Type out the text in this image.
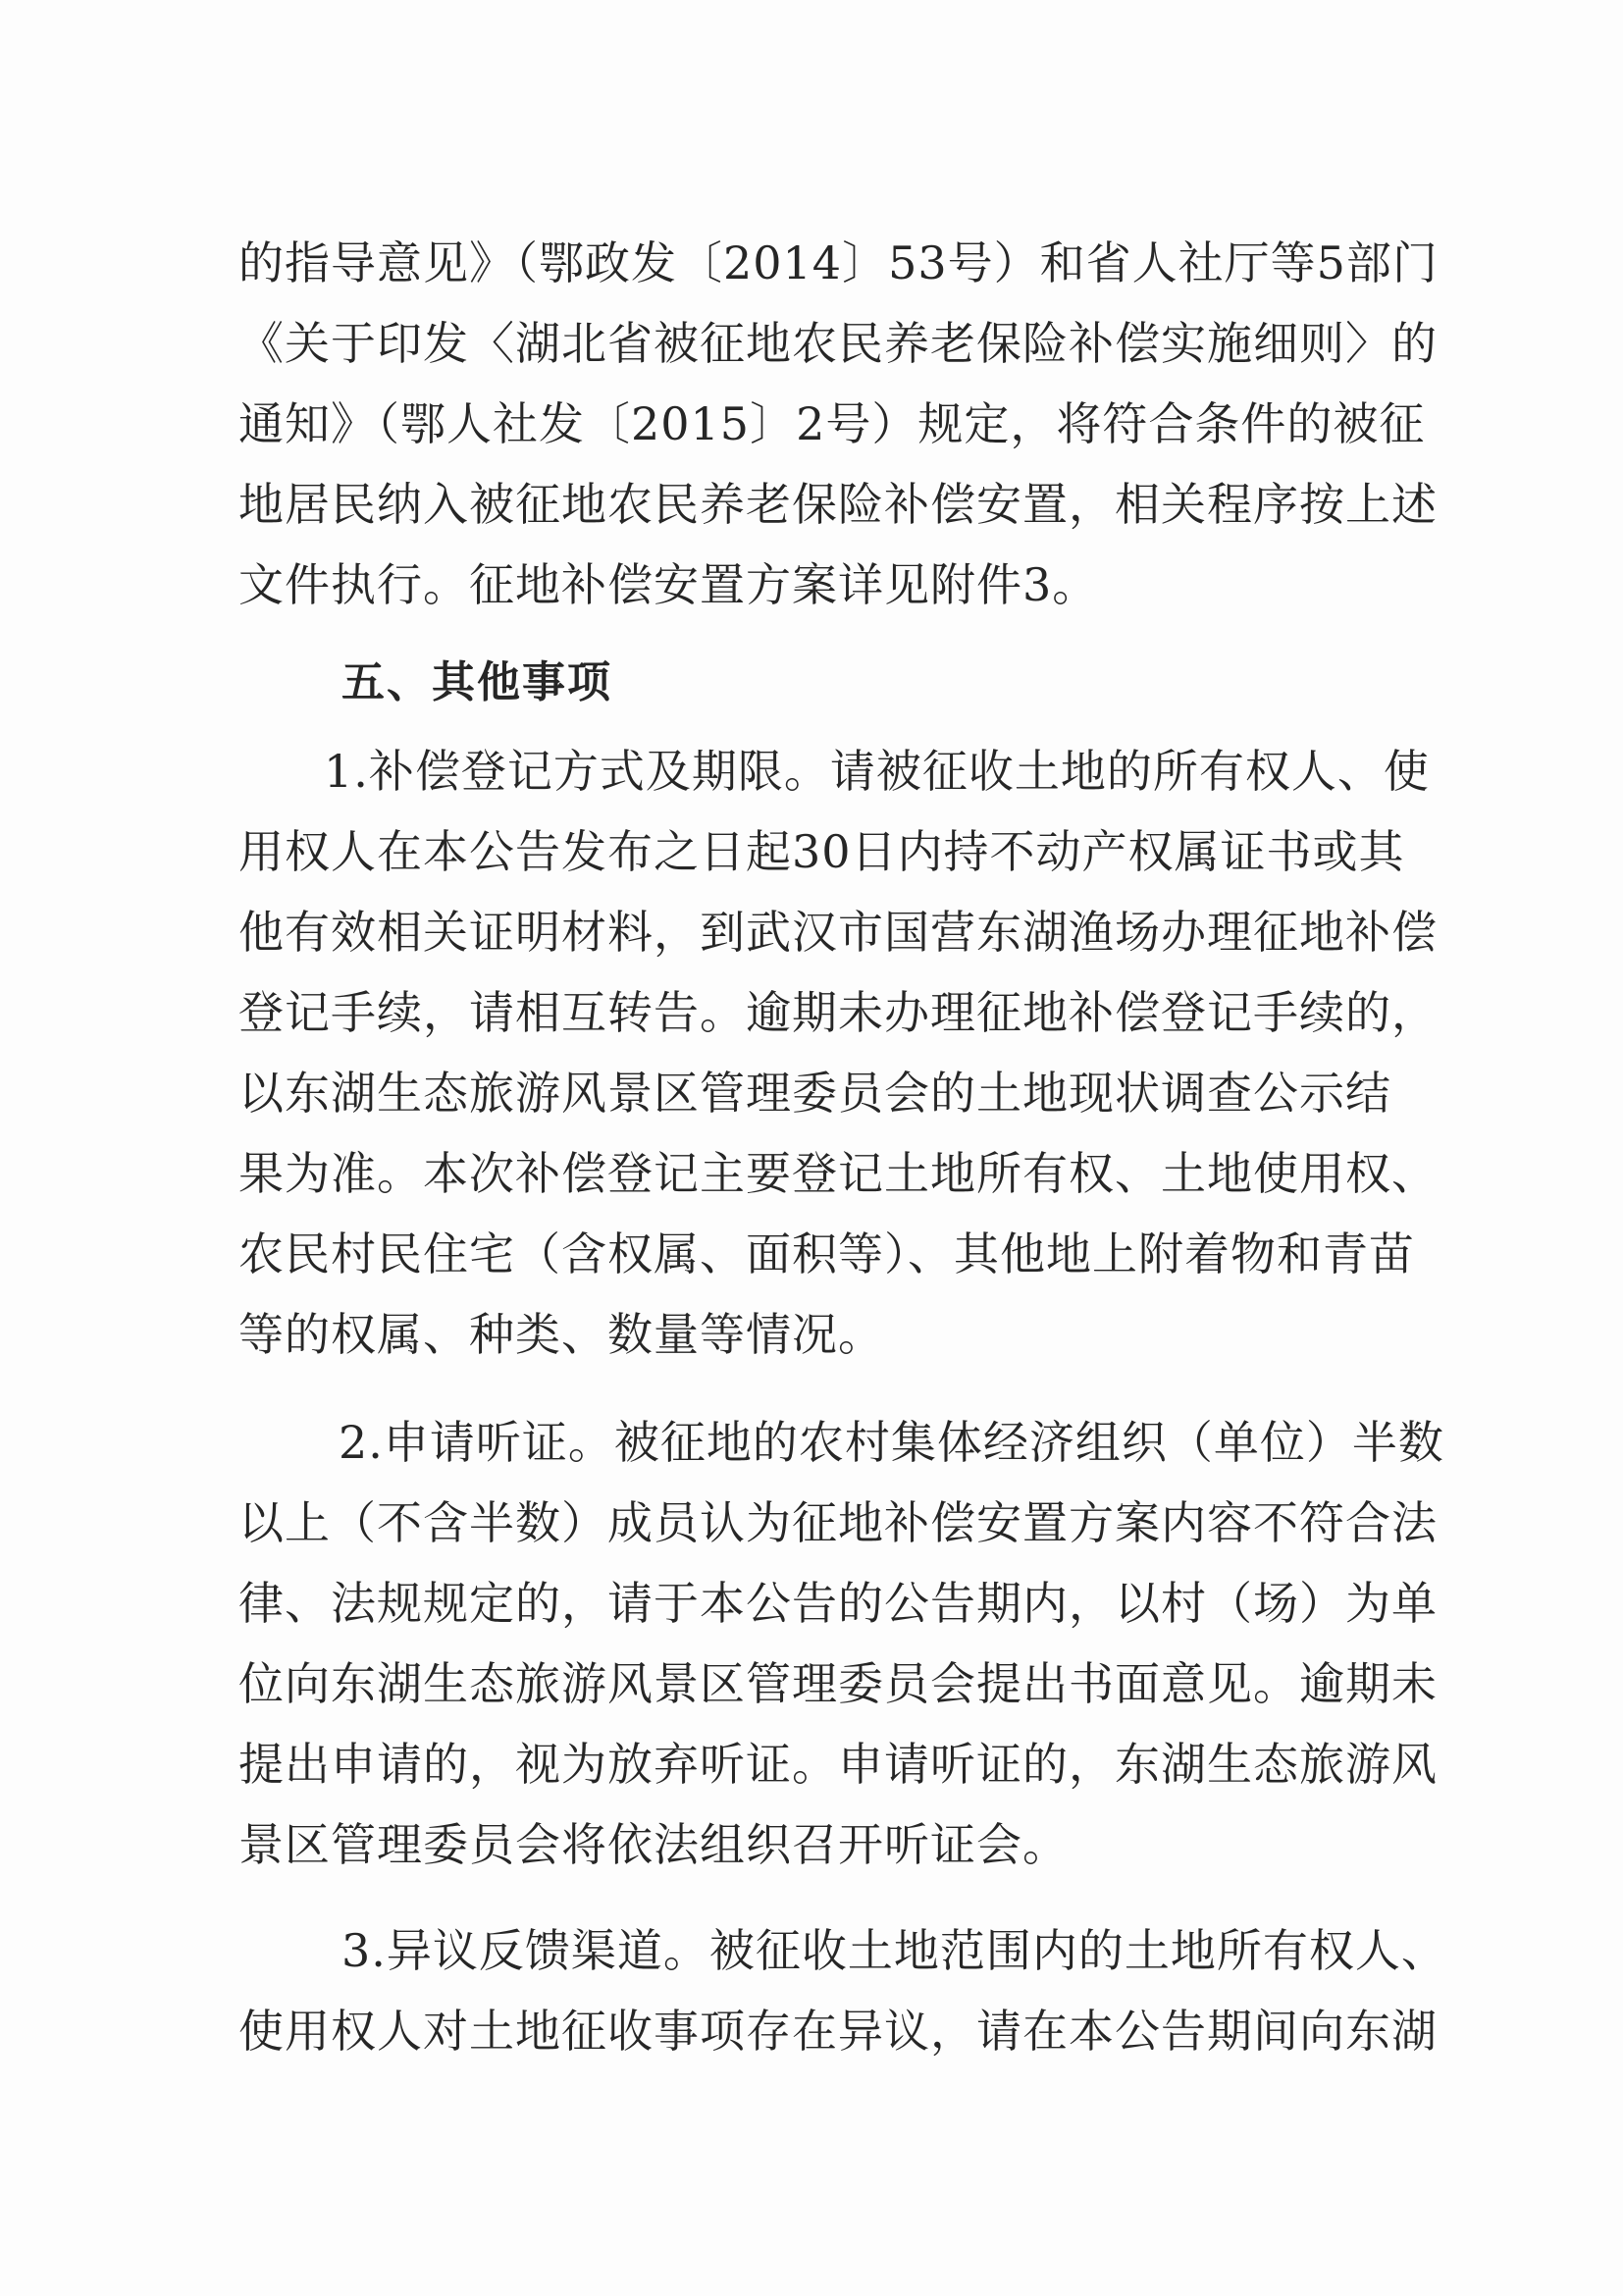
的指导意见》（鄂政发〔2014〕53号）和省人社厅等5部门
《关于印发〈湖北省被征地农民养老保险补偿实施细则〉的
通知》（鄂人社发〔2015〕2号）规定，将符合条件的被征
地居民纳入被征地农民养老保险补偿安置，相关程序按上述
文件执行。征地补偿安置方案详见附件3。
五、其他事项
1.补偿登记方式及期限。请被征收土地的所有权人、使
用权人在本公告发布之日起30日内持不动产权属证书或其
他有效相关证明材料，到武汉市国营东湖渔场办理征地补偿
登记手续，请相互转告。逾期未办理征地补偿登记手续的，
以东湖生态旅游风景区管理委员会的土地现状调查公示结
果为准。本次补偿登记主要登记土地所有权、土地使用权、
农民村民住宅（含权属、面积等）、其他地上附着物和青苗
等的权属、种类、数量等情况。
2.申请听证。被征地的农村集体经济组织（单位）半数
以上（不含半数）成员认为征地补偿安置方案内容不符合法
律、法规规定的，请于本公告的公告期内，以村（场）为单
位向东湖生态旅游风景区管理委员会提出书面意见。逾期未
提出申请的，视为放弃听证。申请听证的，东湖生态旅游风
景区管理委员会将依法组织召开听证会。
3.异议反馈渠道。被征收土地范围内的土地所有权人、
使用权人对土地征收事项存在异议，请在本公告期间向东湖
